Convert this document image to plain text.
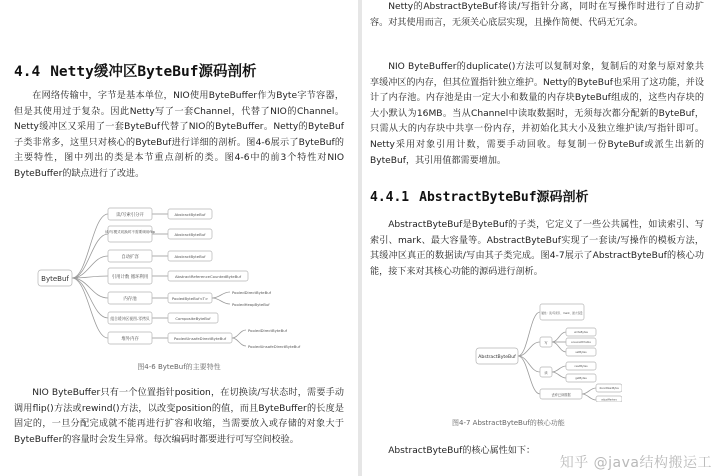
4.4 Netty缓冲区ByteBuf源码剖析

在网络传输中，字节是基本单位，NIO使用ByteBuffer作为Byte字节容器，但是其使用过于复杂。因此Netty写了一套Channel，代替了NIO的Channel。Netty缓冲区又采用了一套ByteBuf代替了NIO的ByteBuffer。Netty的ByteBuf子类非常多，这里只对核心的ByteBuf进行详细的剖析。图4-6展示了ByteBuf的主要特性，图中列出的类是本节重点剖析的类。图4-6中的前3个特性对NIO ByteBuffer的缺点进行了改进。

ByteBuf
读/写索引分开
读/写模式切换时不需要调用flip
自动扩容
引用计数 循环利用
内存池
组合缓冲区视图-零拷贝
堆外内存
AbstractByteBuf
AbstractByteBuf
AbstractByteBuf
AbstractReferenceCountedByteBuf
PooledByteBuf<T>
CompositeByteBuf
PooledUnsafeDirectByteBuf
PooledDirectByteBuf
PooledHeapByteBuf
PooledDirectByteBuf
PooledUnsafeDirectByteBuf
图4-6 ByteBuf的主要特性

NIO ByteBuffer只有一个位置指针position，在切换读/写状态时，需要手动调用flip()方法或rewind()方法，以改变position的值，而且ByteBuffer的长度是固定的，一旦分配完成就不能再进行扩容和收缩，当需要放入或存储的对象大于ByteBuffer的容量时会发生异常。每次编码时都要进行可写空间校验。

Netty的AbstractByteBuf将读/写指针分离，同时在写操作时进行了自动扩容。对其使用而言，无须关心底层实现，且操作简便、代码无冗余。

NIO ByteBuffer的duplicate()方法可以复制对象，复制后的对象与原对象共享缓冲区的内存，但其位置指针独立维护。Netty的ByteBuf也采用了这功能，并设计了内存池。内存池是由一定大小和数量的内存块ByteBuf组成的，这些内存块的大小默认为16MB。当从Channel中读取数据时，无须每次都分配新的ByteBuf，只需从大的内存块中共享一份内存，并初始化其大小及独立维护读/写指针即可。Netty采用对象引用计数，需要手动回收。每复制一份ByteBuf或派生出新的ByteBuf，其引用值都需要增加。

4.4.1 AbstractByteBuf源码剖析

AbstractByteBuf是ByteBuf的子类，它定义了一些公共属性，如读索引、写索引、mark、最大容量等。AbstractByteBuf实现了一套读/写操作的模板方法，其缓冲区真正的数据读/写由其子类完成。图4-7展示了AbstractByteBuf的核心功能，接下来对其核心功能的源码进行剖析。

AbstractByteBuf
属性：读/写索引、mark、最大容量
写
读
丢弃已读数据
writeBytes
ensureWritable
setBytes
readBytes
getBytes
discardReadBytes
adjustMarkers
图4-7 AbstractByteBuf的核心功能

AbstractByteBuf的核心属性如下：

知乎 @java结构搬运工
